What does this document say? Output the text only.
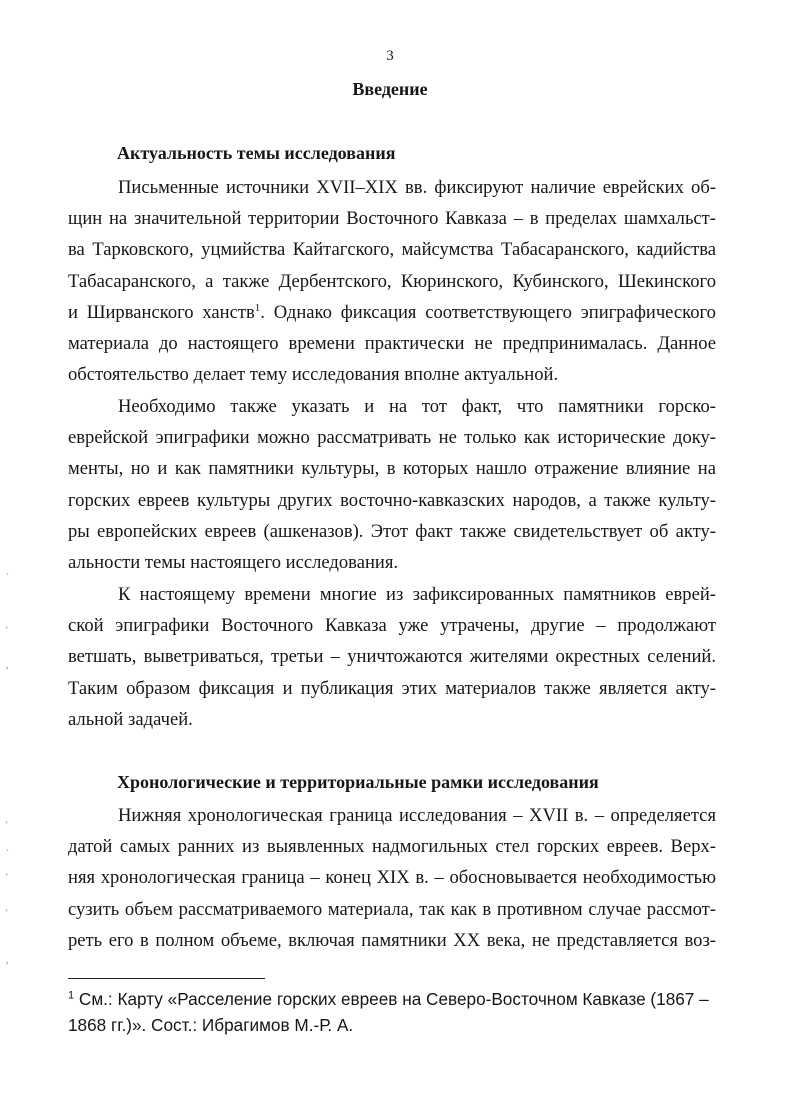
3
Введение
Актуальность темы исследования
Письменные источники XVII–XIX вв. фиксируют наличие еврейских об-
щин на значительной территории Восточного Кавказа – в пределах шамхальст-
ва Тарковского, уцмийства Кайтагского, майсумства Табасаранского, кадийства
Табасаранского, а также Дербентского, Кюринского, Кубинского, Шекинского
и Ширванского ханств$^1$. Однако фиксация соответствующего эпиграфического
материала до настоящего времени практически не предпринималась. Данное
обстоятельство делает тему исследования вполне актуальной.
Необходимо также указать и на тот факт, что памятники горско-
еврейской эпиграфики можно рассматривать не только как исторические доку-
менты, но и как памятники культуры, в которых нашло отражение влияние на
горских евреев культуры других восточно-кавказских народов, а также культу-
ры европейских евреев (ашкеназов). Этот факт также свидетельствует об акту-
альности темы настоящего исследования.
К настоящему времени многие из зафиксированных памятников еврей-
ской эпиграфики Восточного Кавказа уже утрачены, другие – продолжают
ветшать, выветриваться, третьи – уничтожаются жителями окрестных селений.
Таким образом фиксация и публикация этих материалов также является акту-
альной задачей.
Хронологические и территориальные рамки исследования
Нижняя хронологическая граница исследования – XVII в. – определяется
датой самых ранних из выявленных надмогильных стел горских евреев. Верх-
няя хронологическая граница – конец XIX в. – обосновывается необходимостью
сузить объем рассматриваемого материала, так как в противном случае рассмот-
реть его в полном объеме, включая памятники XX века, не представляется воз-
$^1$ См.: Карту «Расселение горских евреев на Северо-Восточном Кавказе (1867 –
1868 гг.)». Сост.: Ибрагимов М.-Р. А.
`
'
,
'
`
'
'
,
